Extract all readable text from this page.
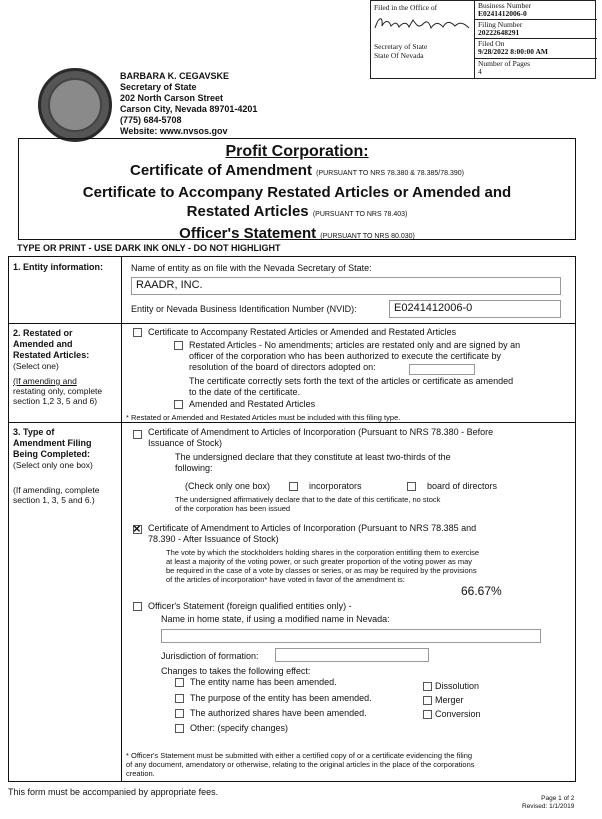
Filed in the Office of
Secretary of State
State Of Nevada
Business Number
E0241412006-0
Filing Number
20222648291
Filed On
9/28/2022 8:00:00 AM
Number of Pages
4
BARBARA K. CEGAVSKE
Secretary of State
202 North Carson Street
Carson City, Nevada 89701-4201
(775) 684-5708
Website: www.nvsos.gov
Profit Corporation:
Certificate of Amendment (PURSUANT TO NRS 78.380 & 78.385/78.390)
Certificate to Accompany Restated Articles or Amended and
Restated Articles (PURSUANT TO NRS 78.403)
Officer's Statement (PURSUANT TO NRS 80.030)
TYPE OR PRINT - USE DARK INK ONLY - DO NOT HIGHLIGHT
1. Entity information:	Name of entity as on file with the Nevada Secretary of State:
RAADR, INC.
Entity or Nevada Business Identification Number (NVID):	E0241412006-0
2. Restated or
Amended and
Restated Articles:
(Select one)
(If amending and
restating only, complete
section 1,2 3, 5 and 6)
Certificate to Accompany Restated Articles or Amended and Restated Articles
Restated Articles - No amendments; articles are restated only and are signed by an
officer of the corporation who has been authorized to execute the certificate by
resolution of the board of directors adopted on:
The certificate correctly sets forth the text of the articles or certificate as amended
to the date of the certificate.
Amended and Restated Articles
* Restated or Amended and Restated Articles must be included with this filing type.
3. Type of
Amendment Filing
Being Completed:
(Select only one box)
(If amending, complete
section 1, 3, 5 and 6.)
Certificate of Amendment to Articles of Incorporation (Pursuant to NRS 78.380 - Before
Issuance of Stock)
The undersigned declare that they constitute at least two-thirds of the
following:
(Check only one box)	incorporators	board of directors
The undersigned affirmatively declare that to the date of this certificate, no stock
of the corporation has been issued
×
Certificate of Amendment to Articles of Incorporation (Pursuant to NRS 78.385 and
78.390 - After Issuance of Stock)
The vote by which the stockholders holding shares in the corporation entitling them to exercise
at least a majority of the voting power, or such greater proportion of the voting power as may
be required in the case of a vote by classes or series, or as may be required by the provisions
of the articles of incorporation* have voted in favor of the amendment is:
66.67%
Officer's Statement (foreign qualified entities only) -
Name in home state, if using a modified name in Nevada:
Jurisdiction of formation:
Changes to takes the following effect:
The entity name has been amended.
The purpose of the entity has been amended.
The authorized shares have been amended.
Other: (specify changes)
Dissolution
Merger
Conversion
* Officer's Statement must be submitted with either a certified copy of or a certificate evidencing the filing
of any document, amendatory or otherwise, relating to the original articles in the place of the corporations
creation.
This form must be accompanied by appropriate fees.
Page 1 of 2
Revised: 1/1/2019
